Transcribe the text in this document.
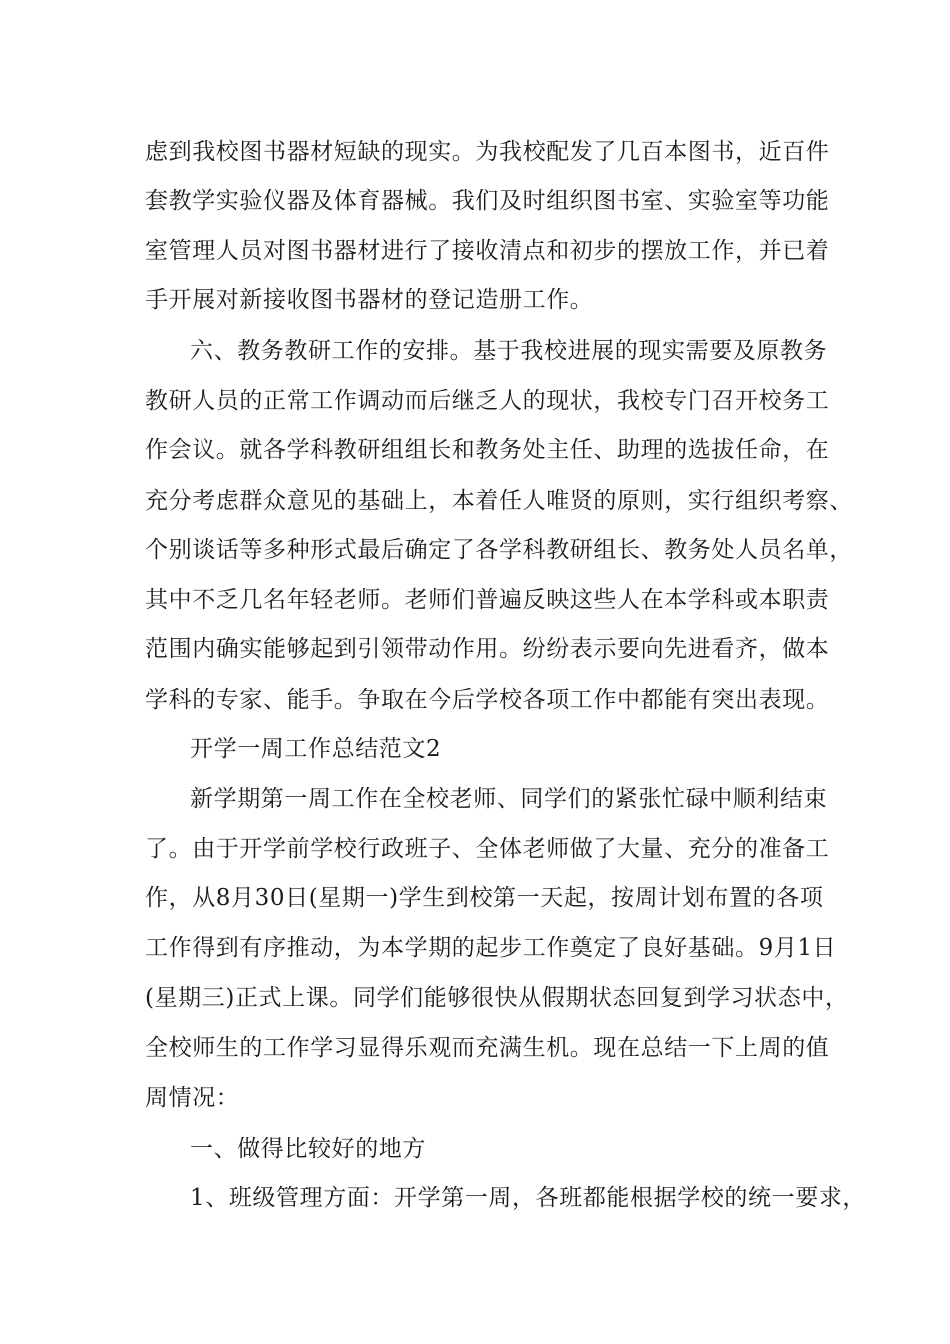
虑到我校图书器材短缺的现实。为我校配发了几百本图书，近百件
套教学实验仪器及体育器械。我们及时组织图书室、实验室等功能
室管理人员对图书器材进行了接收清点和初步的摆放工作，并已着
手开展对新接收图书器材的登记造册工作。
六、教务教研工作的安排。基于我校进展的现实需要及原教务
教研人员的正常工作调动而后继乏人的现状，我校专门召开校务工
作会议。就各学科教研组组长和教务处主任、助理的选拔任命，在
充分考虑群众意见的基础上，本着任人唯贤的原则，实行组织考察、
个别谈话等多种形式最后确定了各学科教研组长、教务处人员名单，
其中不乏几名年轻老师。老师们普遍反映这些人在本学科或本职责
范围内确实能够起到引领带动作用。纷纷表示要向先进看齐，做本
学科的专家、能手。争取在今后学校各项工作中都能有突出表现。
开学一周工作总结范文2
新学期第一周工作在全校老师、同学们的紧张忙碌中顺利结束
了。由于开学前学校行政班子、全体老师做了大量、充分的准备工
作，从8月30日(星期一)学生到校第一天起，按周计划布置的各项
工作得到有序推动，为本学期的起步工作奠定了良好基础。9月1日
(星期三)正式上课。同学们能够很快从假期状态回复到学习状态中，
全校师生的工作学习显得乐观而充满生机。现在总结一下上周的值
周情况：
一、做得比较好的地方
1、班级管理方面：开学第一周，各班都能根据学校的统一要求，
